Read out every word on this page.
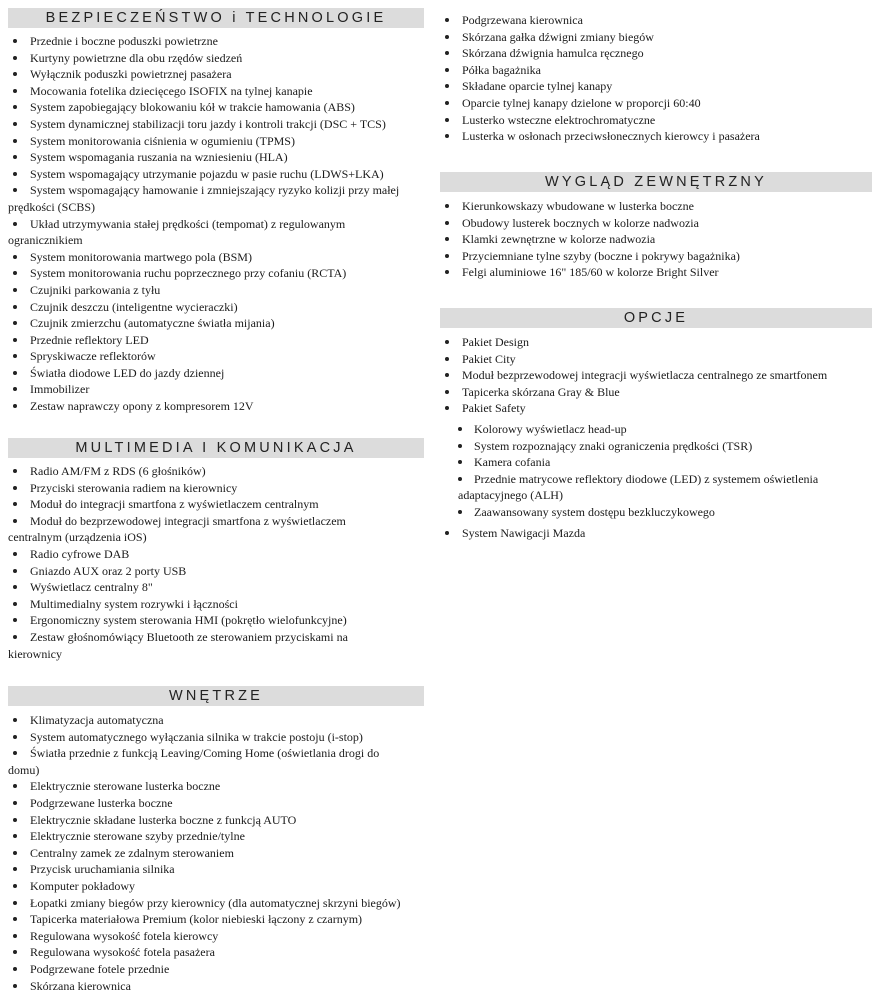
BEZPIECZEŃSTWO i TECHNOLOGIE
Przednie i boczne poduszki powietrzne
Kurtyny powietrzne dla obu rzędów siedzeń
Wyłącznik poduszki powietrznej pasażera
Mocowania fotelika dziecięcego ISOFIX na tylnej kanapie
System zapobiegający blokowaniu kół w trakcie hamowania (ABS)
System dynamicznej stabilizacji toru jazdy i kontroli trakcji (DSC + TCS)
System monitorowania ciśnienia w ogumieniu (TPMS)
System wspomagania ruszania na wzniesieniu (HLA)
System wspomagający utrzymanie pojazdu w pasie ruchu (LDWS+LKA)
System wspomagający hamowanie i zmniejszający ryzyko kolizji przy małej
prędkości (SCBS)
Układ utrzymywania stałej prędkości (tempomat) z regulowanym
ogranicznikiem
System monitorowania martwego pola (BSM)
System monitorowania ruchu poprzecznego przy cofaniu (RCTA)
Czujniki parkowania z tyłu
Czujnik deszczu (inteligentne wycieraczki)
Czujnik zmierzchu (automatyczne światła mijania)
Przednie reflektory LED
Spryskiwacze reflektorów
Światła diodowe LED do jazdy dziennej
Immobilizer
Zestaw naprawczy opony z kompresorem 12V
MULTIMEDIA I KOMUNIKACJA
Radio AM/FM z RDS (6 głośników)
Przyciski sterowania radiem na kierownicy
Moduł do integracji smartfona z wyświetlaczem centralnym
Moduł do bezprzewodowej integracji smartfona z wyświetlaczem
centralnym (urządzenia iOS)
Radio cyfrowe DAB
Gniazdo AUX oraz 2 porty USB
Wyświetlacz centralny 8"
Multimedialny system rozrywki i łączności
Ergonomiczny system sterowania HMI (pokrętło wielofunkcyjne)
Zestaw głośnomówiący Bluetooth ze sterowaniem przyciskami na
kierownicy
WNĘTRZE
Klimatyzacja automatyczna
System automatycznego wyłączania silnika w trakcie postoju (i-stop)
Światła przednie z funkcją Leaving/Coming Home (oświetlania drogi do
domu)
Elektrycznie sterowane lusterka boczne
Podgrzewane lusterka boczne
Elektrycznie składane lusterka boczne z funkcją AUTO
Elektrycznie sterowane szyby przednie/tylne
Centralny zamek ze zdalnym sterowaniem
Przycisk uruchamiania silnika
Komputer pokładowy
Łopatki zmiany biegów przy kierownicy (dla automatycznej skrzyni biegów)
Tapicerka materiałowa Premium (kolor niebieski łączony z czarnym)
Regulowana wysokość fotela kierowcy
Regulowana wysokość fotela pasażera
Podgrzewane fotele przednie
Skórzana kierownica
Podgrzewana kierownica
Skórzana gałka dźwigni zmiany biegów
Skórzana dźwignia hamulca ręcznego
Półka bagażnika
Składane oparcie tylnej kanapy
Oparcie tylnej kanapy dzielone w proporcji 60:40
Lusterko wsteczne elektrochromatyczne
Lusterka w osłonach przeciwsłonecznych kierowcy i pasażera
WYGLĄD ZEWNĘTRZNY
Kierunkowskazy wbudowane w lusterka boczne
Obudowy lusterek bocznych w kolorze nadwozia
Klamki zewnętrzne w kolorze nadwozia
Przyciemniane tylne szyby (boczne i pokrywy bagażnika)
Felgi aluminiowe 16" 185/60 w kolorze Bright Silver
OPCJE
Pakiet Design
Pakiet City
Moduł bezprzewodowej integracji wyświetlacza centralnego ze smartfonem
Tapicerka skórzana Gray & Blue
Pakiet Safety
Kolorowy wyświetlacz head-up
System rozpoznający znaki ograniczenia prędkości (TSR)
Kamera cofania
Przednie matrycowe reflektory diodowe (LED) z systemem oświetlenia
adaptacyjnego (ALH)
Zaawansowany system dostępu bezkluczykowego
System Nawigacji Mazda
